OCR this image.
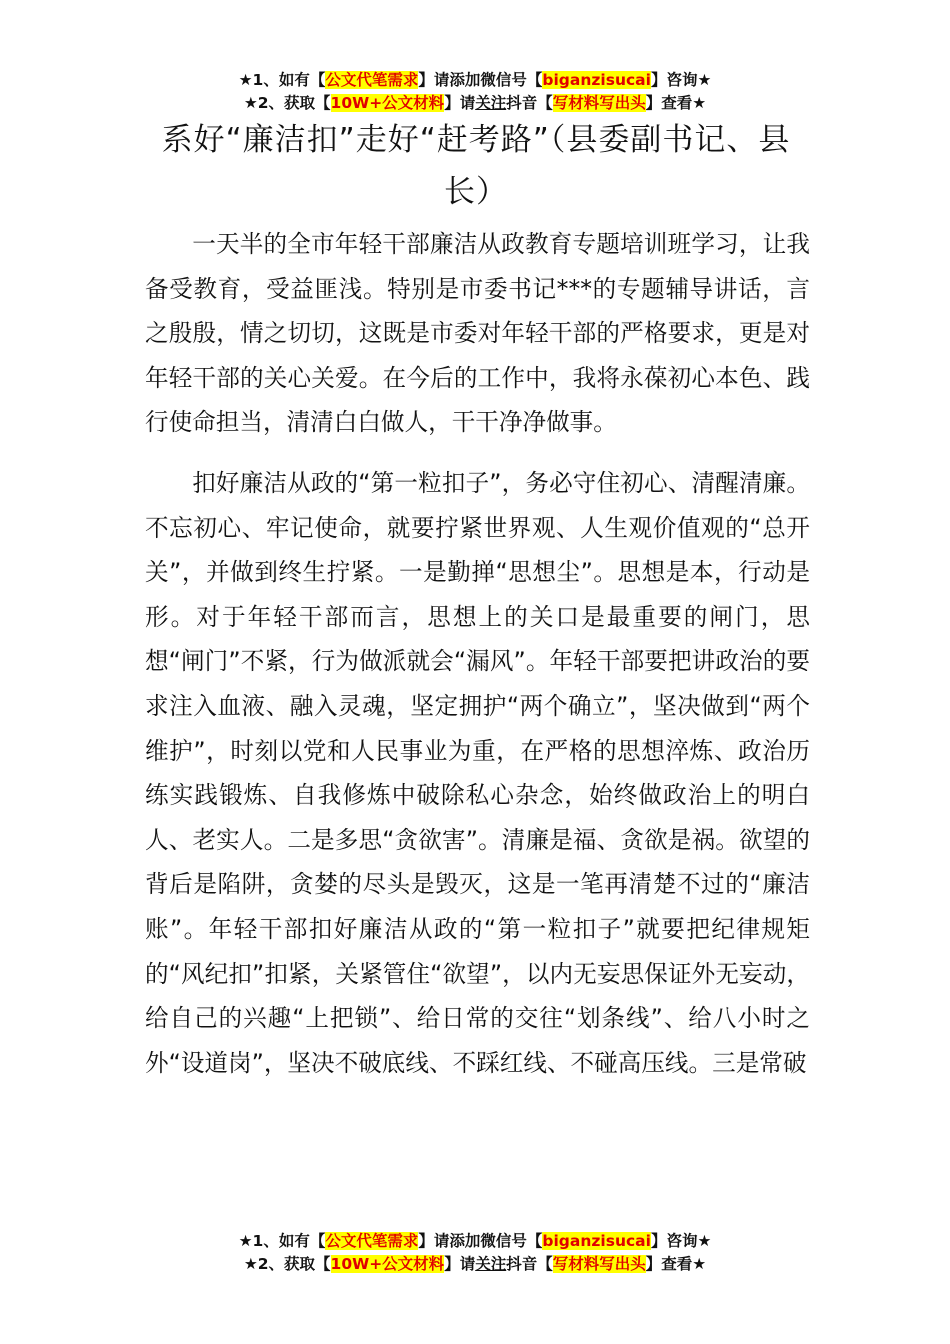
★1、如有【公文代笔需求】请添加微信号【biganzisucai】咨询★
★2、获取【10W+公文材料】请关注抖音【写材料写出头】查看★
系好“廉洁扣”走好“赶考路”（县委副书记、县长）

一天半的全市年轻干部廉洁从政教育专题培训班学习，让我备受教育，受益匪浅。特别是市委书记***的专题辅导讲话，言之殷殷，情之切切，这既是市委对年轻干部的严格要求，更是对年轻干部的关心关爱。在今后的工作中，我将永葆初心本色、践行使命担当，清清白白做人，干干净净做事。

扣好廉洁从政的“第一粒扣子”，务必守住初心、清醒清廉。不忘初心、牢记使命，就要拧紧世界观、人生观价值观的“总开关”，并做到终生拧紧。一是勤掸“思想尘”。思想是本，行动是形。对于年轻干部而言，思想上的关口是最重要的闸门，思想“闸门”不紧，行为做派就会“漏风”。年轻干部要把讲政治的要求注入血液、融入灵魂，坚定拥护“两个确立”，坚决做到“两个维护”，时刻以党和人民事业为重，在严格的思想淬炼、政治历练实践锻炼、自我修炼中破除私心杂念，始终做政治上的明白人、老实人。二是多思“贪欲害”。清廉是福、贪欲是祸。欲望的背后是陷阱，贪婪的尽头是毁灭，这是一笔再清楚不过的“廉洁账”。年轻干部扣好廉洁从政的“第一粒扣子”就要把纪律规矩的“风纪扣”扣紧，关紧管住“欲望”，以内无妄思保证外无妄动，给自己的兴趣“上把锁”、给日常的交往“划条线”、给八小时之外“设道岗”，坚决不破底线、不踩红线、不碰高压线。三是常破

★1、如有【公文代笔需求】请添加微信号【biganzisucai】咨询★
★2、获取【10W+公文材料】请关注抖音【写材料写出头】查看★
